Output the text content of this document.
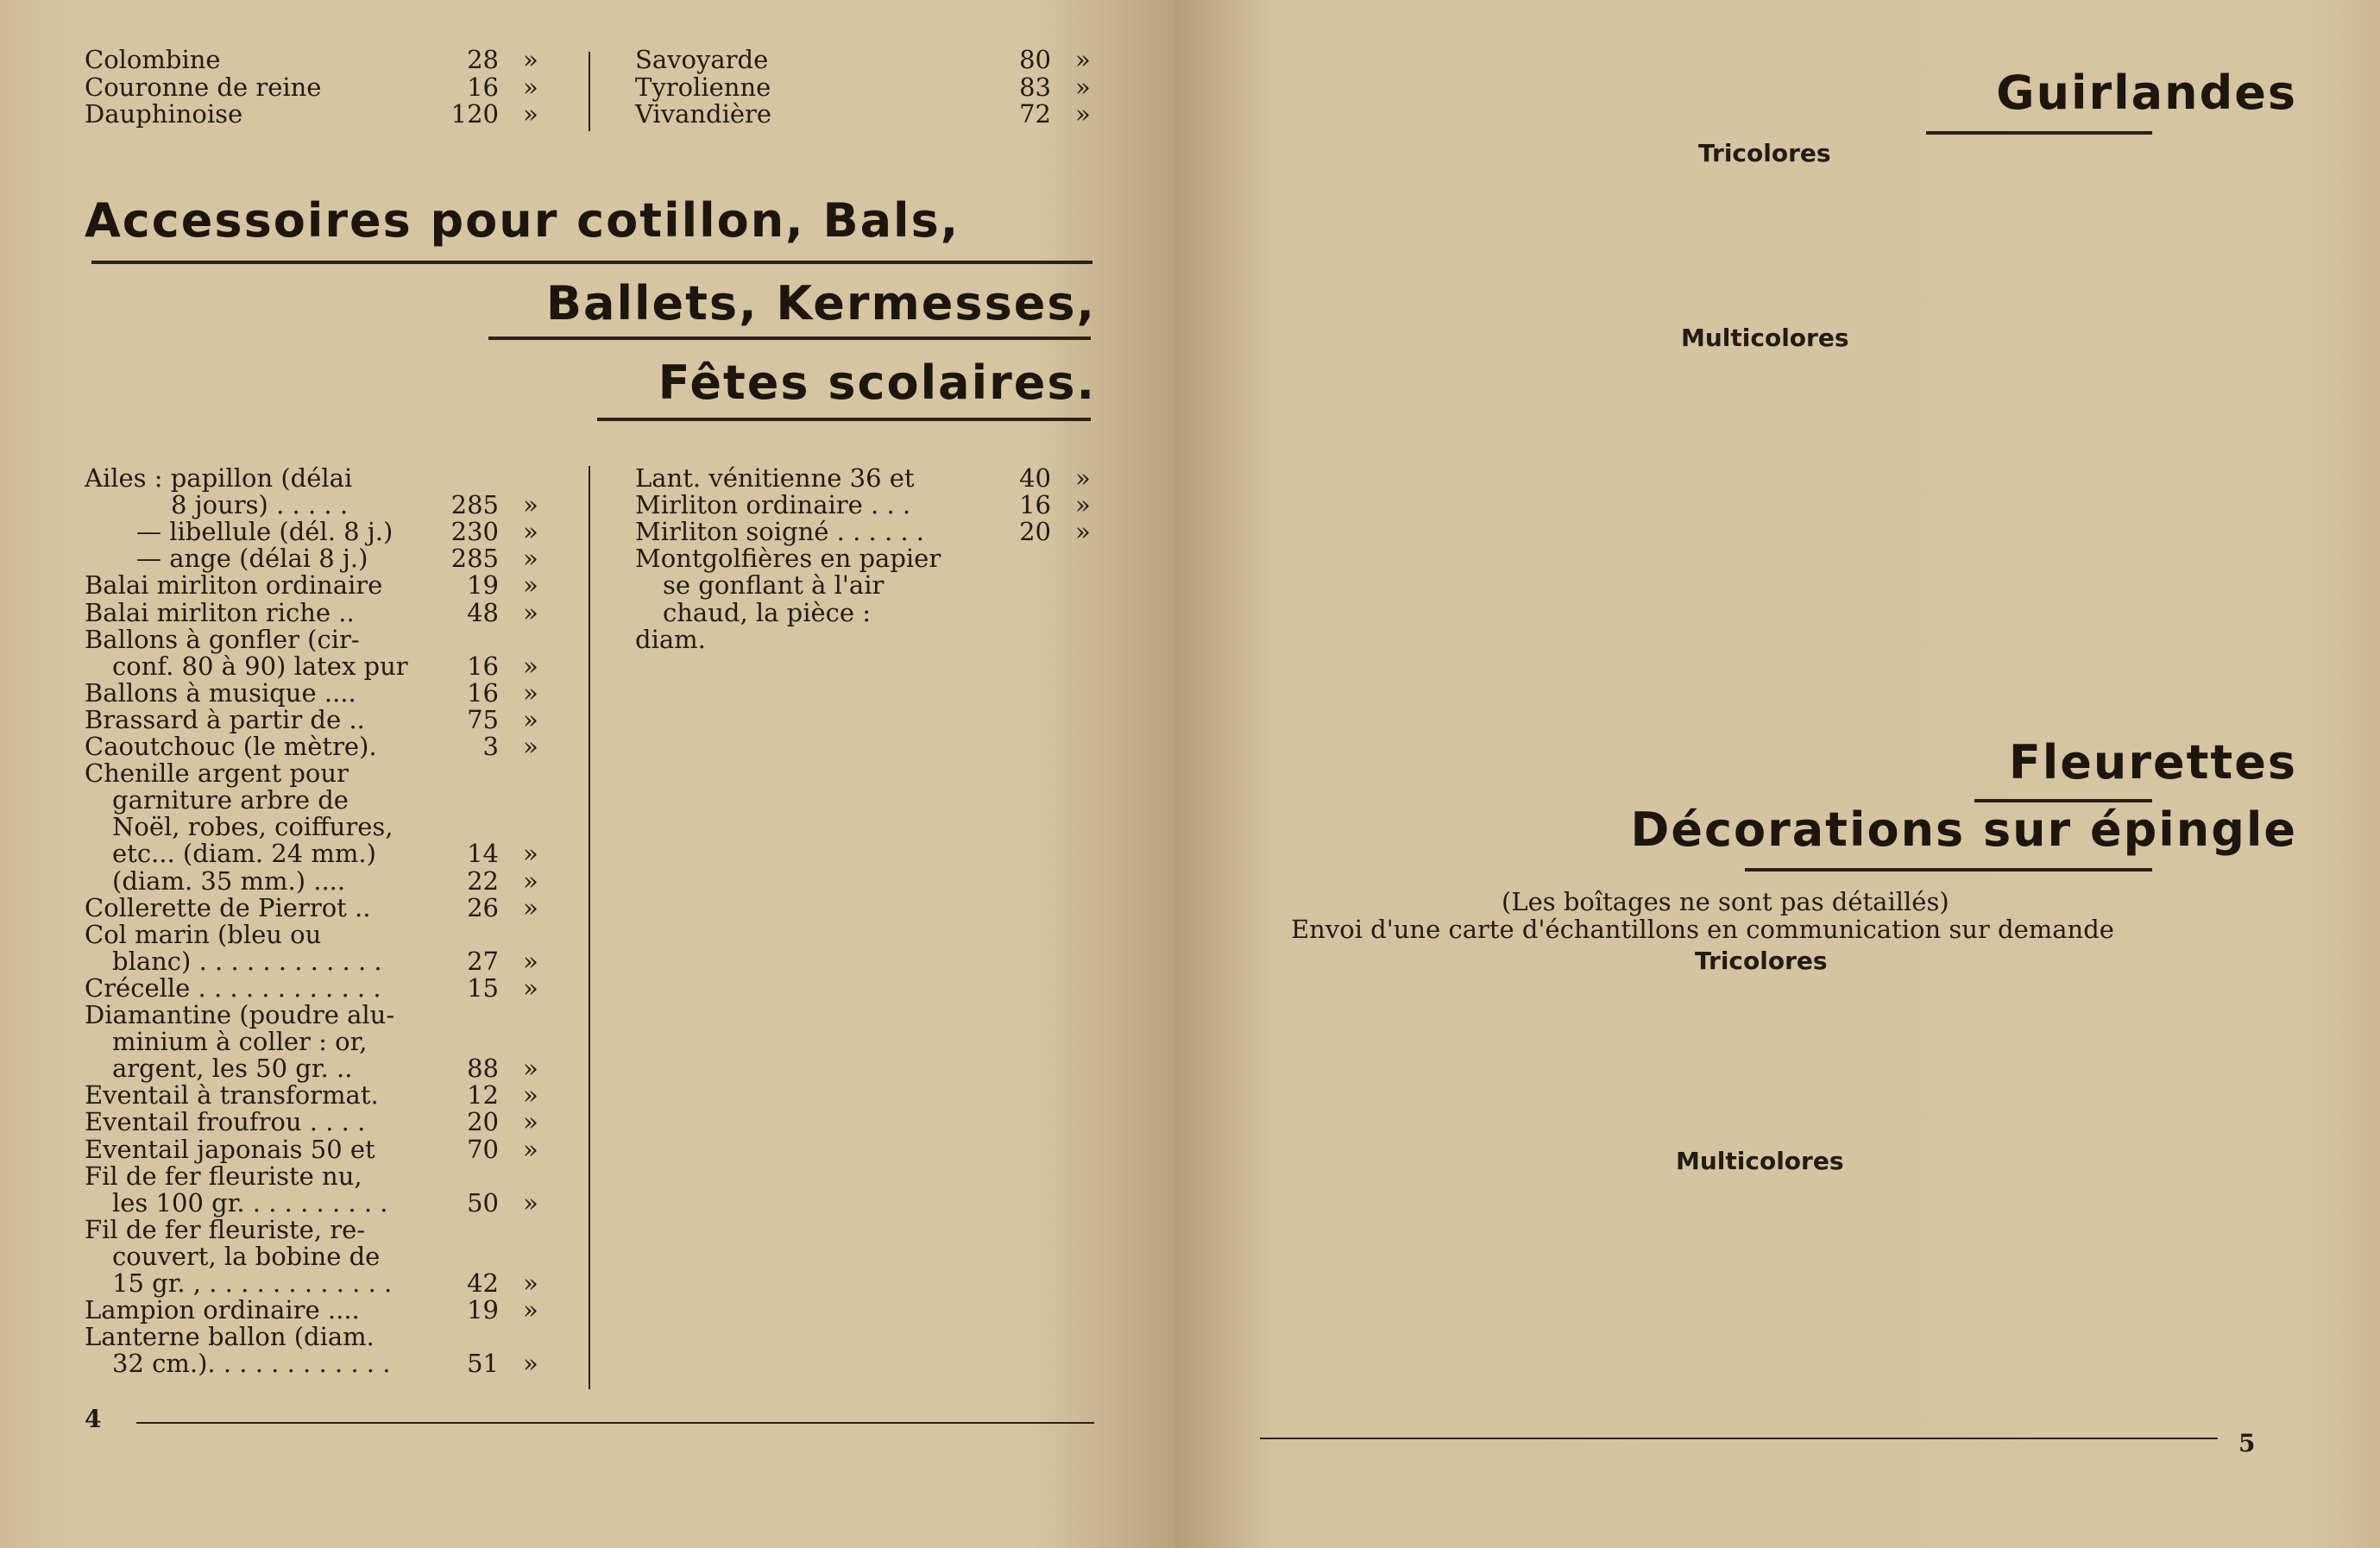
Colombine	28 »
Couronne de reine	16 »
Dauphinoise	120 »
Savoyarde	80 »
Tyrolienne	83 »
Vivandière	72 »
Accessoires pour cotillon, Bals,
Ballets, Kermesses,
Fêtes scolaires.
Ailes : papillon (délai
8 jours) . . . . .	285 »
— libellule (dél. 8 j.)	230 »
— ange (délai 8 j.)	285 »
Balai mirliton ordinaire	19 »
Balai mirliton riche ..	48 »
Ballons à gonfler (cir-
conf. 80 à 90) latex pur	16 »
Ballons à musique ....	16 »
Brassard à partir de ..	75 »
Caoutchouc (le mètre).	3 »
Chenille argent pour
garniture arbre de
Noël, robes, coiffures,
etc... (diam. 24 mm.)	14 »
(diam. 35 mm.) ....	22 »
Collerette de Pierrot ..	26 »
Col marin (bleu ou
blanc) . . . . . . . . . . . .	27 »
Crécelle . . . . . . . . . . . .	15 »
Diamantine (poudre alu-
minium à coller : or,
argent, les 50 gr. ..	88 »
Eventail à transformat.	12 »
Eventail froufrou . . . .	20 »
Eventail japonais 50 et	70 »
Fil de fer fleuriste nu,
les 100 gr. . . . . . . . . .	50 »
Fil de fer fleuriste, re-
couvert, la bobine de
15 gr. , . . . . . . . . . . . .	42 »
Lampion ordinaire ....	19 »
Lanterne ballon (diam.
32 cm.). . . . . . . . . . . .	51 »
Lant. vénitienne 36 et	40 »
Mirliton ordinaire . . .	16 »
Mirliton soigné . . . . . .	20 »
Montgolfières en papier
se gonflant à l'air
chaud, la pièce :
diam.
4
Guirlandes
Tricolores
Multicolores
Fleurettes
Décorations sur épingle
(Les boîtages ne sont pas détaillés)
Envoi d'une carte d'échantillons en communication sur demande
Tricolores
Multicolores
5
